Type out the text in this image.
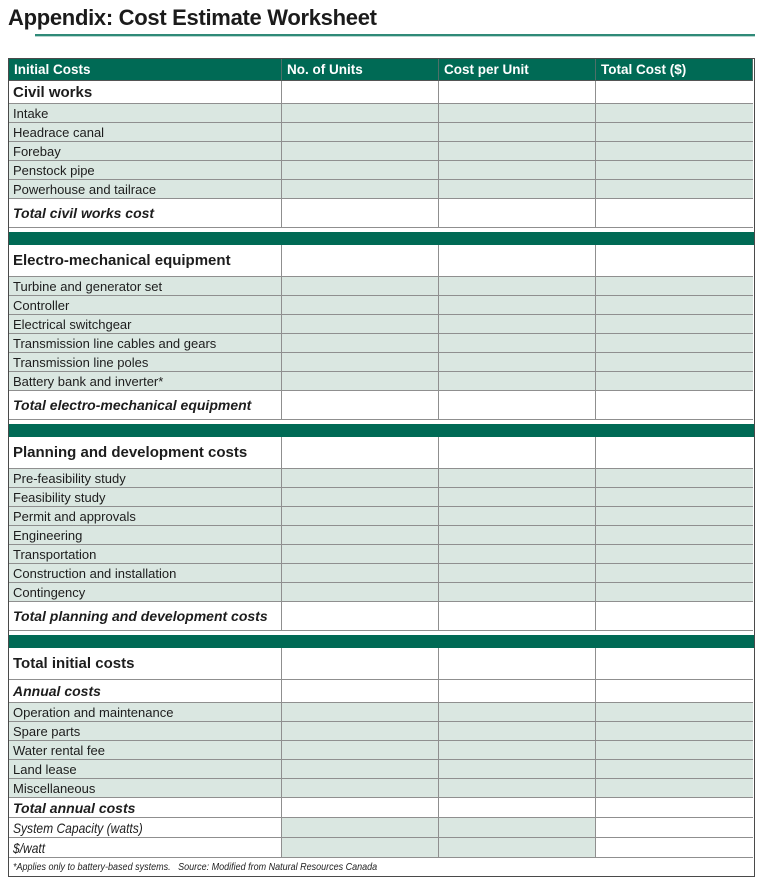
Appendix: Cost Estimate Worksheet
Initial Costs	No. of Units	Cost per Unit	Total Cost ($)
Civil works
Intake
Headrace canal
Forebay
Penstock pipe
Powerhouse and tailrace
Total civil works cost
Electro-mechanical equipment
Turbine and generator set
Controller
Electrical switchgear
Transmission line cables and gears
Transmission line poles
Battery bank and inverter*
Total electro-mechanical equipment
Planning and development costs
Pre-feasibility study
Feasibility study
Permit and approvals
Engineering
Transportation
Construction and installation
Contingency
Total planning and development costs
Total initial costs
Annual costs
Operation and maintenance
Spare parts
Water rental fee
Land lease
Miscellaneous
Total annual costs
System Capacity (watts)
$/watt
*Applies only to battery-based systems.   Source: Modified from Natural Resources Canada
